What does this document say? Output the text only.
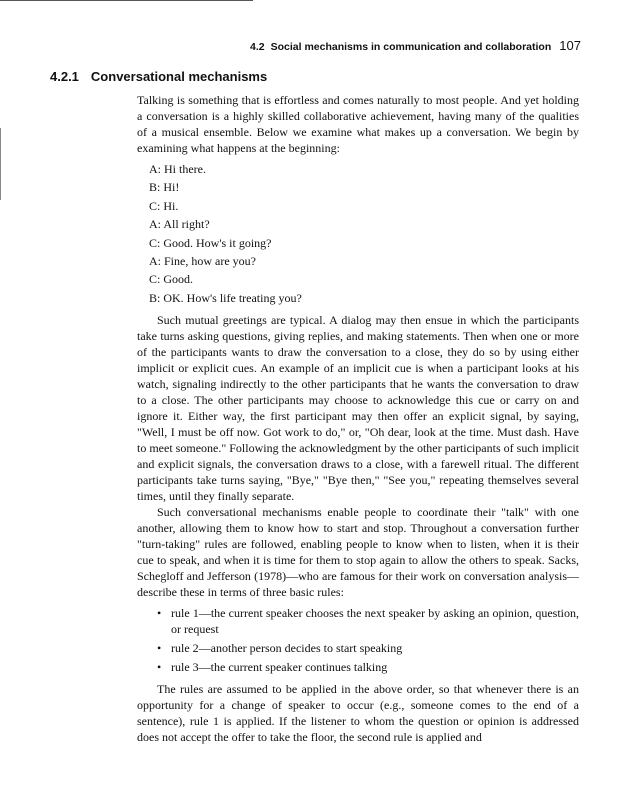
4.2 Social mechanisms in communication and collaboration 107
4.2.1 Conversational mechanisms

Talking is something that is effortless and comes naturally to most people. And yet holding a conversation is a highly skilled collaborative achievement, having many of the qualities of a musical ensemble. Below we examine what makes up a conversation. We begin by examining what happens at the beginning:

A: Hi there.
B: Hi!
C: Hi.
A: All right?
C: Good. How's it going?
A: Fine, how are you?
C: Good.
B: OK. How's life treating you?

Such mutual greetings are typical. A dialog may then ensue in which the participants take turns asking questions, giving replies, and making statements. Then when one or more of the participants wants to draw the conversation to a close, they do so by using either implicit or explicit cues. An example of an implicit cue is when a participant looks at his watch, signaling indirectly to the other participants that he wants the conversation to draw to a close. The other participants may choose to acknowledge this cue or carry on and ignore it. Either way, the first participant may then offer an explicit signal, by saying, "Well, I must be off now. Got work to do," or, "Oh dear, look at the time. Must dash. Have to meet someone." Following the acknowledgment by the other participants of such implicit and explicit signals, the conversation draws to a close, with a farewell ritual. The different participants take turns saying, "Bye," "Bye then," "See you," repeating themselves several times, until they finally separate.

Such conversational mechanisms enable people to coordinate their "talk" with one another, allowing them to know how to start and stop. Throughout a conversation further "turn-taking" rules are followed, enabling people to know when to listen, when it is their cue to speak, and when it is time for them to stop again to allow the others to speak. Sacks, Schegloff and Jefferson (1978)—who are famous for their work on conversation analysis—describe these in terms of three basic rules:

• rule 1—the current speaker chooses the next speaker by asking an opinion, question, or request
• rule 2—another person decides to start speaking
• rule 3—the current speaker continues talking

The rules are assumed to be applied in the above order, so that whenever there is an opportunity for a change of speaker to occur (e.g., someone comes to the end of a sentence), rule 1 is applied. If the listener to whom the question or opinion is addressed does not accept the offer to take the floor, the second rule is applied and
